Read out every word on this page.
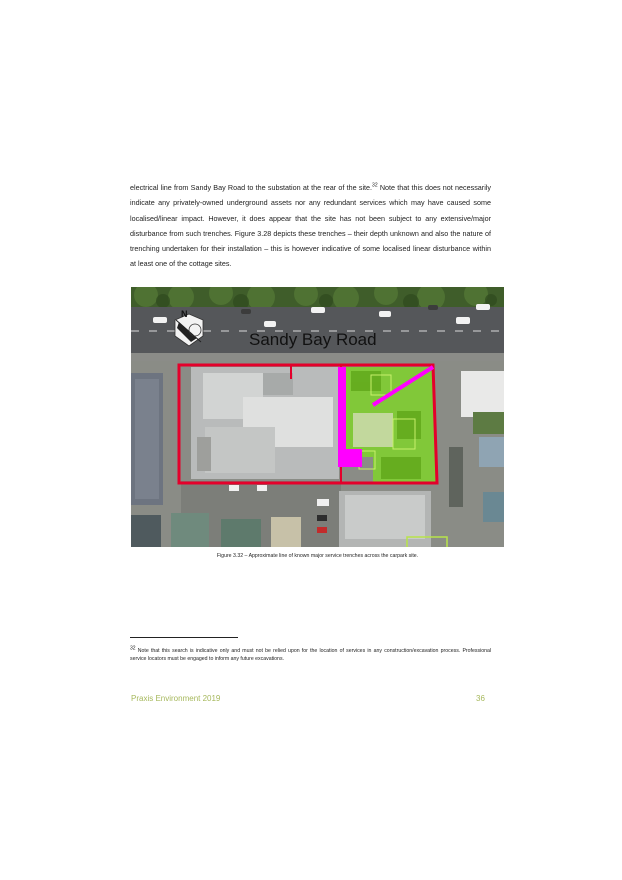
electrical line from Sandy Bay Road to the substation at the rear of the site.$^{32}$ Note that this does not necessarily indicate any privately-owned underground assets nor any redundant services which may have caused some localised/linear impact. However, it does appear that the site has not been subject to any extensive/major disturbance from such trenches. Figure 3.28 depicts these trenches – their depth unknown and also the nature of trenching undertaken for their installation – this is however indicative of some localised linear disturbance within at least one of the cottage sites.

Sandy Bay Road
N
Figure 3.32 – Approximate line of known major service trenches across the carpark site.
32 Note that this search is indicative only and must not be relied upon for the location of services in any construction/excavation process. Professional service locators must be engaged to inform any future excavations.
Praxis Environment 2019	36
